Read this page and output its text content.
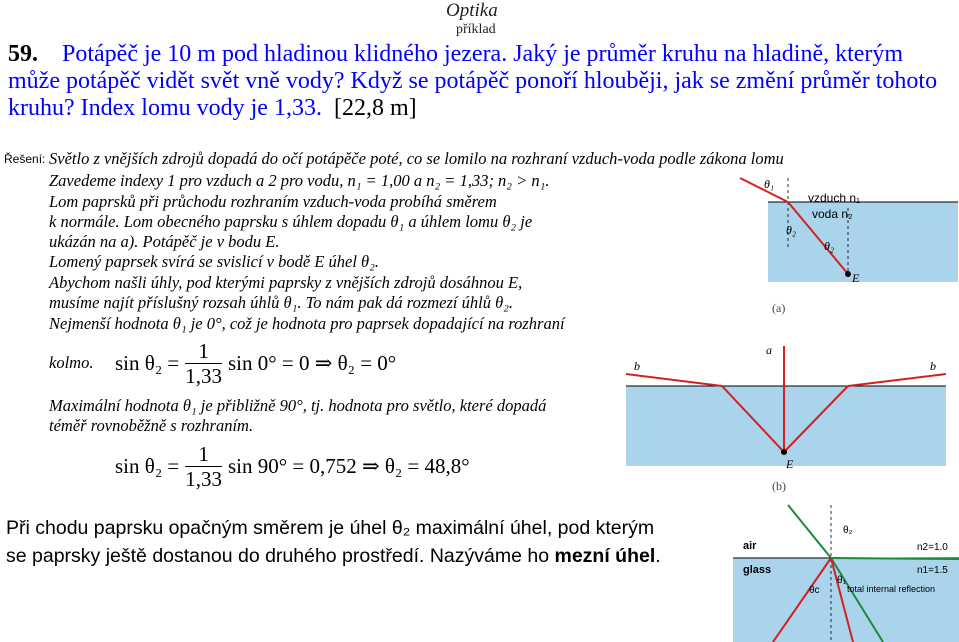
Optika
příklad
59. Potápěč je 10 m pod hladinou klidného jezera. Jaký je průměr kruhu na hladině, kterým může potápěč vidět svět vně vody? Když se potápěč ponoří hlouběji, jak se změní průměr tohoto kruhu? Index lomu vody je 1,33. [22,8 m]
Řešení: Světlo z vnějších zdrojů dopadá do očí potápěče poté, co se lomilo na rozhraní vzduch-voda podle zákona lomu
Zavedeme indexy 1 pro vzduch a 2 pro vodu, n₁ = 1,00 a n₂ = 1,33; n₂ > n₁.
Lom paprsků při průchodu rozhraním vzduch-voda probíhá směrem
k normále. Lom obecného paprsku s úhlem dopadu θ₁ a úhlem lomu θ₂ je
ukázán na a). Potápěč je v bodu E.
Lomený paprsek svírá se svislicí v bodě E úhel θ₂.
Abychom našli úhly, pod kterými paprsky z vnějších zdrojů dosáhnou E,
musíme najít příslušný rozsah úhlů θ₁. To nám pak dá rozmezí úhlů θ₂.
Nejmenší hodnota θ₁ je 0°, což je hodnota pro paprsek dopadající na rozhraní
kolmo. $\sin \theta_2 = \frac{1}{1,33}$ sin 0° = 0 ⇒ θ₂ = 0°
Maximální hodnota θ₁ je přibližně 90°, tj. hodnota pro světlo, které dopadá
téměř rovnoběžně s rozhraním.
$\sin \theta_2 = \frac{1}{1,33}$ sin 90° = 0,752 ⇒ θ₂ = 48,8°
Při chodu paprsku opačným směrem je úhel θ₂ maximální úhel, pod kterým
se paprsky ještě dostanou do druhého prostředí. Nazýváme ho mezní úhel.
θ₁
vzduch n₁
voda n₂
θ₂
θ₂
E
(a)
a
b	b
E
(b)
θ₂
air	n2=1.0
glass	n1=1.5
θ₁
θc	total internal reflection
